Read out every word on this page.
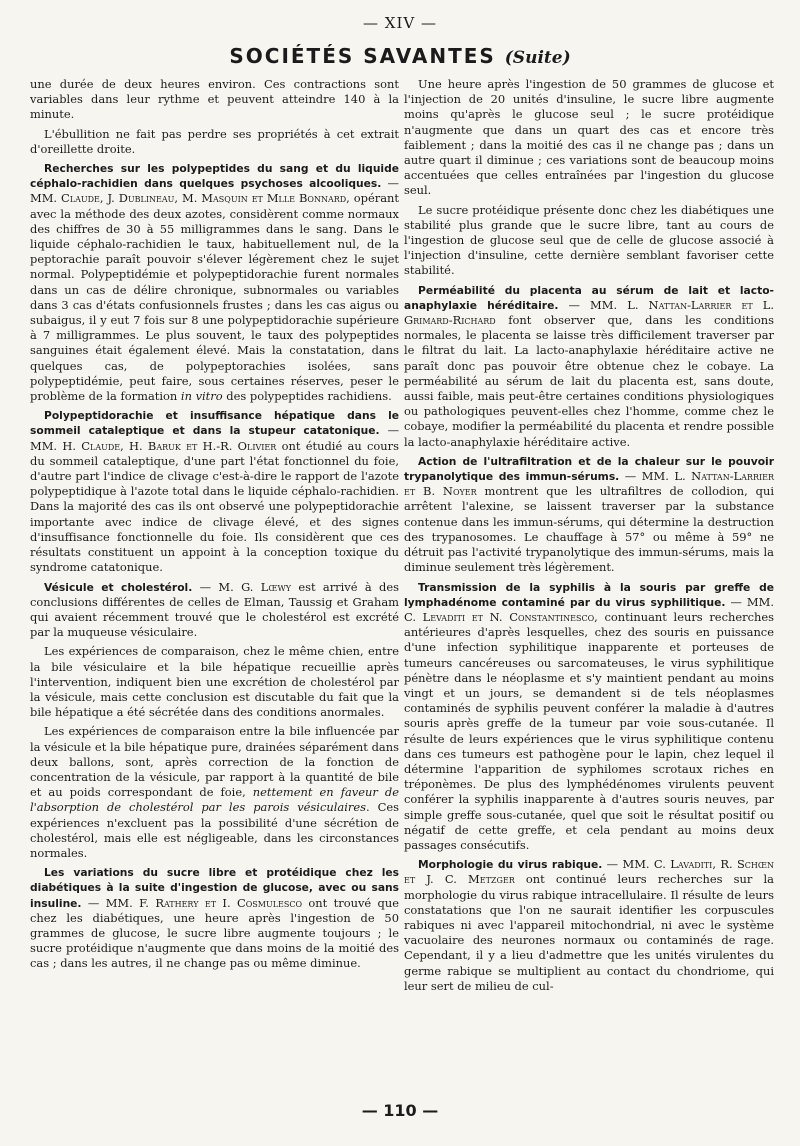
— XIV —
SOCIÉTÉS SAVANTES (Suite)

une durée de deux heures environ. Ces contractions sont variables dans leur rythme et peuvent atteindre 140 à la minute.

L'ébullition ne fait pas perdre ses propriétés à cet extrait d'oreillette droite.

Recherches sur les polypeptides du sang et du liquide céphalo-rachidien dans quelques psychoses alcooliques. — MM. Claude, J. Dublineau, M. Masquin et Mlle Bonnard, opérant avec la méthode des deux azotes, considèrent comme normaux des chiffres de 30 à 55 milligrammes dans le sang. Dans le liquide céphalo-rachidien le taux, habituellement nul, de la peptorachie paraît pouvoir s'élever légèrement chez le sujet normal. Polypeptidémie et polypeptidorachie furent normales dans un cas de délire chronique, subnormales ou variables dans 3 cas d'états confusionnels frustes ; dans les cas aigus ou subaigus, il y eut 7 fois sur 8 une polypeptidorachie supérieure à 7 milligrammes. Le plus souvent, le taux des polypeptides sanguines était également élevé. Mais la constatation, dans quelques cas, de polypeptorachies isolées, sans polypeptidémie, peut faire, sous certaines réserves, peser le problème de la formation in vitro des polypeptides rachidiens.

Polypeptidorachie et insuffisance hépatique dans le sommeil cataleptique et dans la stupeur catatonique. — MM. H. Claude, H. Baruk et H.-R. Olivier ont étudié au cours du sommeil cataleptique, d'une part l'état fonctionnel du foie, d'autre part l'indice de clivage c'est-à-dire le rapport de l'azote polypeptidique à l'azote total dans le liquide céphalo-rachidien. Dans la majorité des cas ils ont observé une polypeptidorachie importante avec indice de clivage élevé, et des signes d'insuffisance fonctionnelle du foie. Ils considèrent que ces résultats constituent un appoint à la conception toxique du syndrome catatonique.

Vésicule et cholestérol. — M. G. Lœwy est arrivé à des conclusions différentes de celles de Elman, Taussig et Graham qui avaient récemment trouvé que le cholestérol est excrété par la muqueuse vésiculaire.

Les expériences de comparaison, chez le même chien, entre la bile vésiculaire et la bile hépatique recueillie après l'intervention, indiquent bien une excrétion de cholestérol par la vésicule, mais cette conclusion est discutable du fait que la bile hépatique a été sécrétée dans des conditions anormales.

Les expériences de comparaison entre la bile influencée par la vésicule et la bile hépatique pure, drainées séparément dans deux ballons, sont, après correction de la fonction de concentration de la vésicule, par rapport à la quantité de bile et au poids correspondant de foie, nettement en faveur de l'absorption de cholestérol par les parois vésiculaires. Ces expériences n'excluent pas la possibilité d'une sécrétion de cholestérol, mais elle est négligeable, dans les circonstances normales.

Les variations du sucre libre et protéidique chez les diabétiques à la suite d'ingestion de glucose, avec ou sans insuline. — MM. F. Rathery et I. Cosmulesco ont trouvé que chez les diabétiques, une heure après l'ingestion de 50 grammes de glucose, le sucre libre augmente toujours ; le sucre protéidique n'augmente que dans moins de la moitié des cas ; dans les autres, il ne change pas ou même diminue.

Une heure après l'ingestion de 50 grammes de glucose et l'injection de 20 unités d'insuline, le sucre libre augmente moins qu'après le glucose seul ; le sucre protéidique n'augmente que dans un quart des cas et encore très faiblement ; dans la moitié des cas il ne change pas ; dans un autre quart il diminue ; ces variations sont de beaucoup moins accentuées que celles entraînées par l'ingestion du glucose seul.

Le sucre protéidique présente donc chez les diabétiques une stabilité plus grande que le sucre libre, tant au cours de l'ingestion de glucose seul que de celle de glucose associé à l'injection d'insuline, cette dernière semblant favoriser cette stabilité.

Perméabilité du placenta au sérum de lait et lacto-anaphylaxie héréditaire. — MM. L. Nattan-Larrier et L. Grimard-Richard font observer que, dans les conditions normales, le placenta se laisse très difficilement traverser par le filtrat du lait. La lacto-anaphylaxie héréditaire active ne paraît donc pas pouvoir être obtenue chez le cobaye. La perméabilité au sérum de lait du placenta est, sans doute, aussi faible, mais peut-être certaines conditions physiologiques ou pathologiques peuvent-elles chez l'homme, comme chez le cobaye, modifier la perméabilité du placenta et rendre possible la lacto-anaphylaxie héréditaire active.

Action de l'ultrafiltration et de la chaleur sur le pouvoir trypanolytique des immun-sérums. — MM. L. Nattan-Larrier et B. Noyer montrent que les ultrafiltres de collodion, qui arrêtent l'alexine, se laissent traverser par la substance contenue dans les immun-sérums, qui détermine la destruction des trypanosomes. Le chauffage à 57° ou même à 59° ne détruit pas l'activité trypanolytique des immun-sérums, mais la diminue seulement très légèrement.

Transmission de la syphilis à la souris par greffe de lymphadénome contaminé par du virus syphilitique. — MM. C. Levaditi et N. Constantinesco, continuant leurs recherches antérieures d'après lesquelles, chez des souris en puissance d'une infection syphilitique inapparente et porteuses de tumeurs cancéreuses ou sarcomateuses, le virus syphilitique pénètre dans le néoplasme et s'y maintient pendant au moins vingt et un jours, se demandent si de tels néoplasmes contaminés de syphilis peuvent conférer la maladie à d'autres souris après greffe de la tumeur par voie sous-cutanée. Il résulte de leurs expériences que le virus syphilitique contenu dans ces tumeurs est pathogène pour le lapin, chez lequel il détermine l'apparition de syphilomes scrotaux riches en tréponèmes. De plus des lymphédénomes virulents peuvent conférer la syphilis inapparente à d'autres souris neuves, par simple greffe sous-cutanée, quel que soit le résultat positif ou négatif de cette greffe, et cela pendant au moins deux passages consécutifs.

Morphologie du virus rabique. — MM. C. Lavaditi, R. Schœn et J. C. Metzger ont continué leurs recherches sur la morphologie du virus rabique intracellulaire. Il résulte de leurs constatations que l'on ne saurait identifier les corpuscules rabiques ni avec l'appareil mitochondrial, ni avec le système vacuolaire des neurones normaux ou contaminés de rage. Cependant, il y a lieu d'admettre que les unités virulentes du germe rabique se multiplient au contact du chondriome, qui leur sert de milieu de cul-

— 110 —
